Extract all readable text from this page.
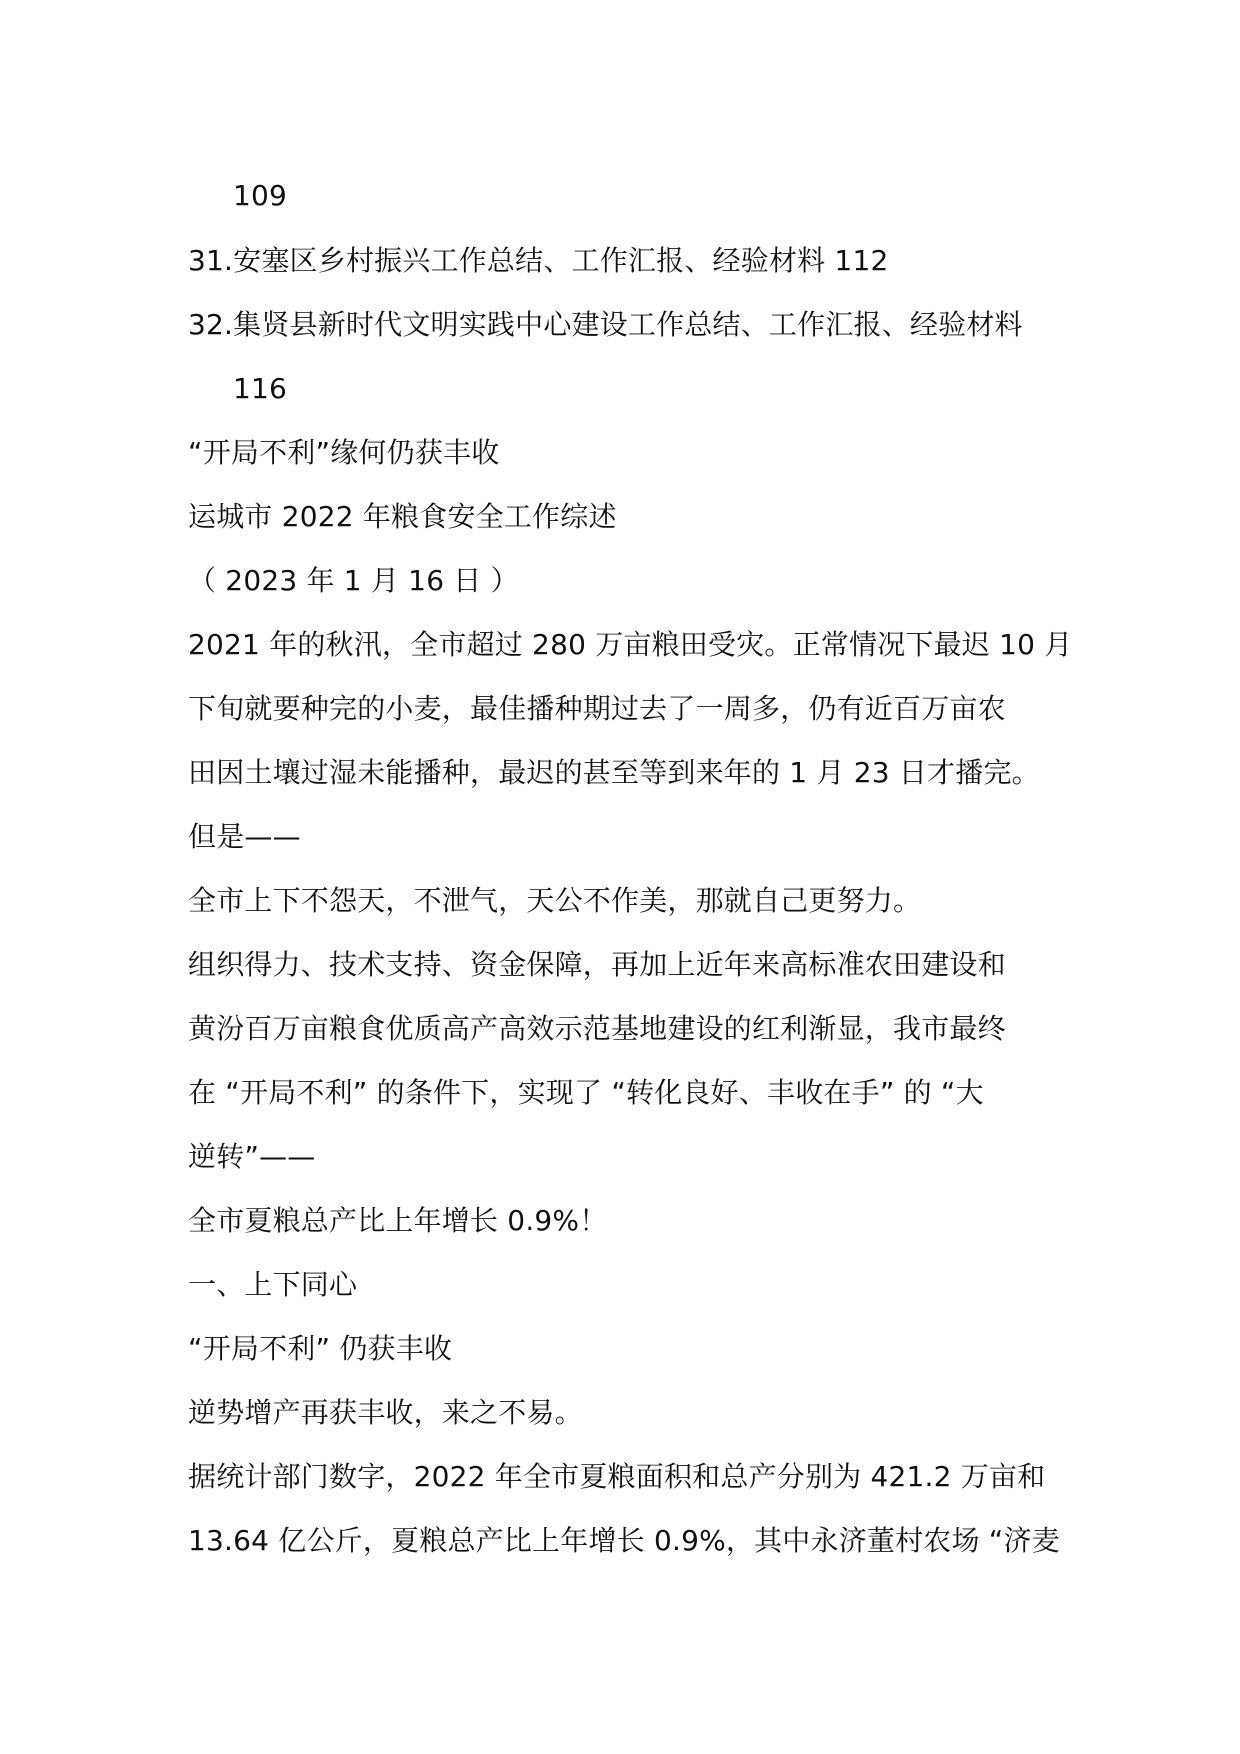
109
31.安塞区乡村振兴工作总结、工作汇报、经验材料 112
32.集贤县新时代文明实践中心建设工作总结、工作汇报、经验材料
116
“开局不利”缘何仍获丰收
运城市 2022 年粮食安全工作综述
（ 2023 年 1 月 16 日 ）
2021 年的秋汛，全市超过 280 万亩粮田受灾。正常情况下最迟 10 月
下旬就要种完的小麦，最佳播种期过去了一周多，仍有近百万亩农
田因土壤过湿未能播种，最迟的甚至等到来年的 1 月 23 日才播完。
但是——
全市上下不怨天，不泄气，天公不作美，那就自己更努力。
组织得力、技术支持、资金保障，再加上近年来高标准农田建设和
黄汾百万亩粮食优质高产高效示范基地建设的红利渐显，我市最终
在 “开局不利” 的条件下，实现了 “转化良好、丰收在手” 的 “大
逆转”——
全市夏粮总产比上年增长 0.9%！
一、上下同心
“开局不利” 仍获丰收
逆势增产再获丰收，来之不易。
据统计部门数字，2022 年全市夏粮面积和总产分别为 421.2 万亩和
13.64 亿公斤，夏粮总产比上年增长 0.9%，其中永济董村农场 “济麦
